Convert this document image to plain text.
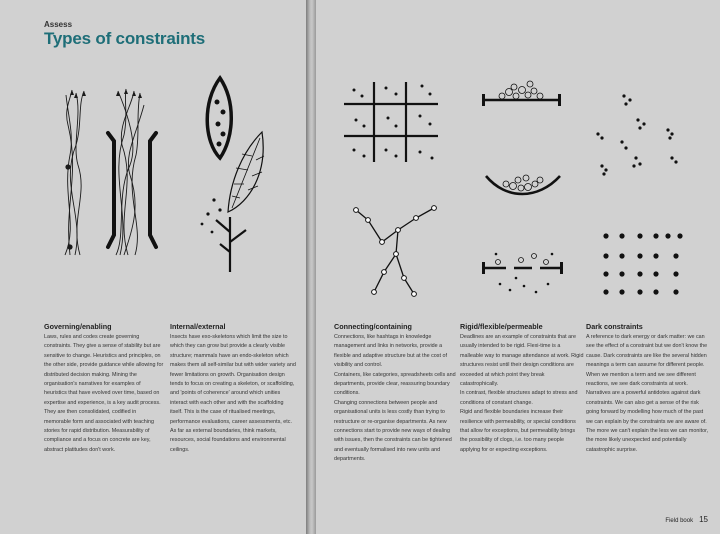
Assess
Types of constraints
Governing/enabling

Laws, rules and codes create governing constraints. They give a sense of stability but are sensitive to change. Heuristics and principles, on the other side, provide guidance while allowing for distributed decision making. Mining the organisation's narratives for examples of heuristics that have evolved over time, based on expertise and experience, is a key audit process. They are then consolidated, codified in memorable form and associated with teaching stories for rapid distribution. Measurability of compliance and a focus on concrete are key, abstract platitudes don't work.

Internal/external

Insects have exo-skeletons which limit the size to which they can grow but provide a clearly visible structure; mammals have an endo-skeleton which makes them all self-similar but with wider variety and fewer limitations on growth. Organisation design tends to focus on creating a skeleton, or scaffolding, and 'points of coherence' around which unities interact with each other and with the scaffolding itself. This is the case of ritualised meetings, performance evaluations, career assessments, etc. As far as external boundaries, think markets, resources, social foundations and environmental ceilings.

Connecting/containing

Connections, like hashtags in knowledge management and links in networks, provide a flexible and adaptive structure but at the cost of visibility and control.
Containers, like categories, spreadsheets cells and departments, provide clear, reassuring boundary conditions.
Changing connections between people and organisational units is less costly than trying to restructure or re-organise departments. As new connections start to provide new ways of dealing with issues, then the constraints can be tightened and eventually formalised into new units and departments.

Rigid/flexible/permeable

Deadlines are an example of constraints that are usually intended to be rigid. Flexi-time is a malleable way to manage attendance at work. Rigid structures resist until their design conditions are exceeded at which point they break catastrophically.
In contrast, flexible structures adapt to stress and conditions of constant change.
Rigid and flexible boundaries increase their resilience with permeability, or special conditions that allow for exceptions, but permeability brings the possibility of clogs, i.e. too many people applying for or expecting exceptions.

Dark constraints

A reference to dark energy or dark matter: we can see the effect of a constraint but we don't know the cause. Dark constraints are like the several hidden meanings a term can assume for different people. When we mention a term and we see different reactions, we see dark constraints at work. Narratives are a powerful antidotes against dark constraints. We can also get a sense of the risk going forward by modelling how much of the past we can explain by the constraints we are aware of. The more we can't explain the less we can monitor, the more likely unexpected and potentially catastrophic surprise.

Field book 15
